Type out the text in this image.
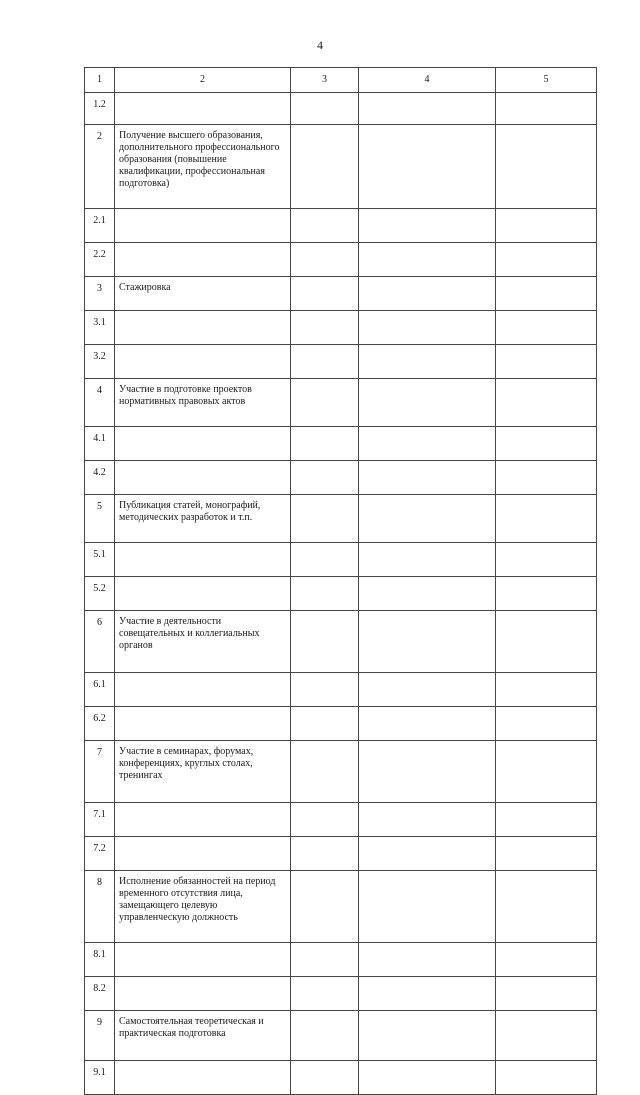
4
1	2	3	4	5
1.2				
2	Получение высшего образования, дополнительного профессионального образования (повышение квалификации, профессиональная подготовка)			
2.1				
2.2				
3	Стажировка			
3.1				
3.2				
4	Участие в подготовке проектов нормативных правовых актов			
4.1				
4.2				
5	Публикация статей, монографий, методических разработок и т.п.			
5.1				
5.2				
6	Участие в деятельности совещательных и коллегиальных органов			
6.1				
6.2				
7	Участие в семинарах, форумах, конференциях, круглых столах, тренингах			
7.1				
7.2				
8	Исполнение обязанностей на период временного отсутствия лица, замещающего целевую управленческую должность			
8.1				
8.2				
9	Самостоятельная теоретическая и практическая подготовка			
9.1				
